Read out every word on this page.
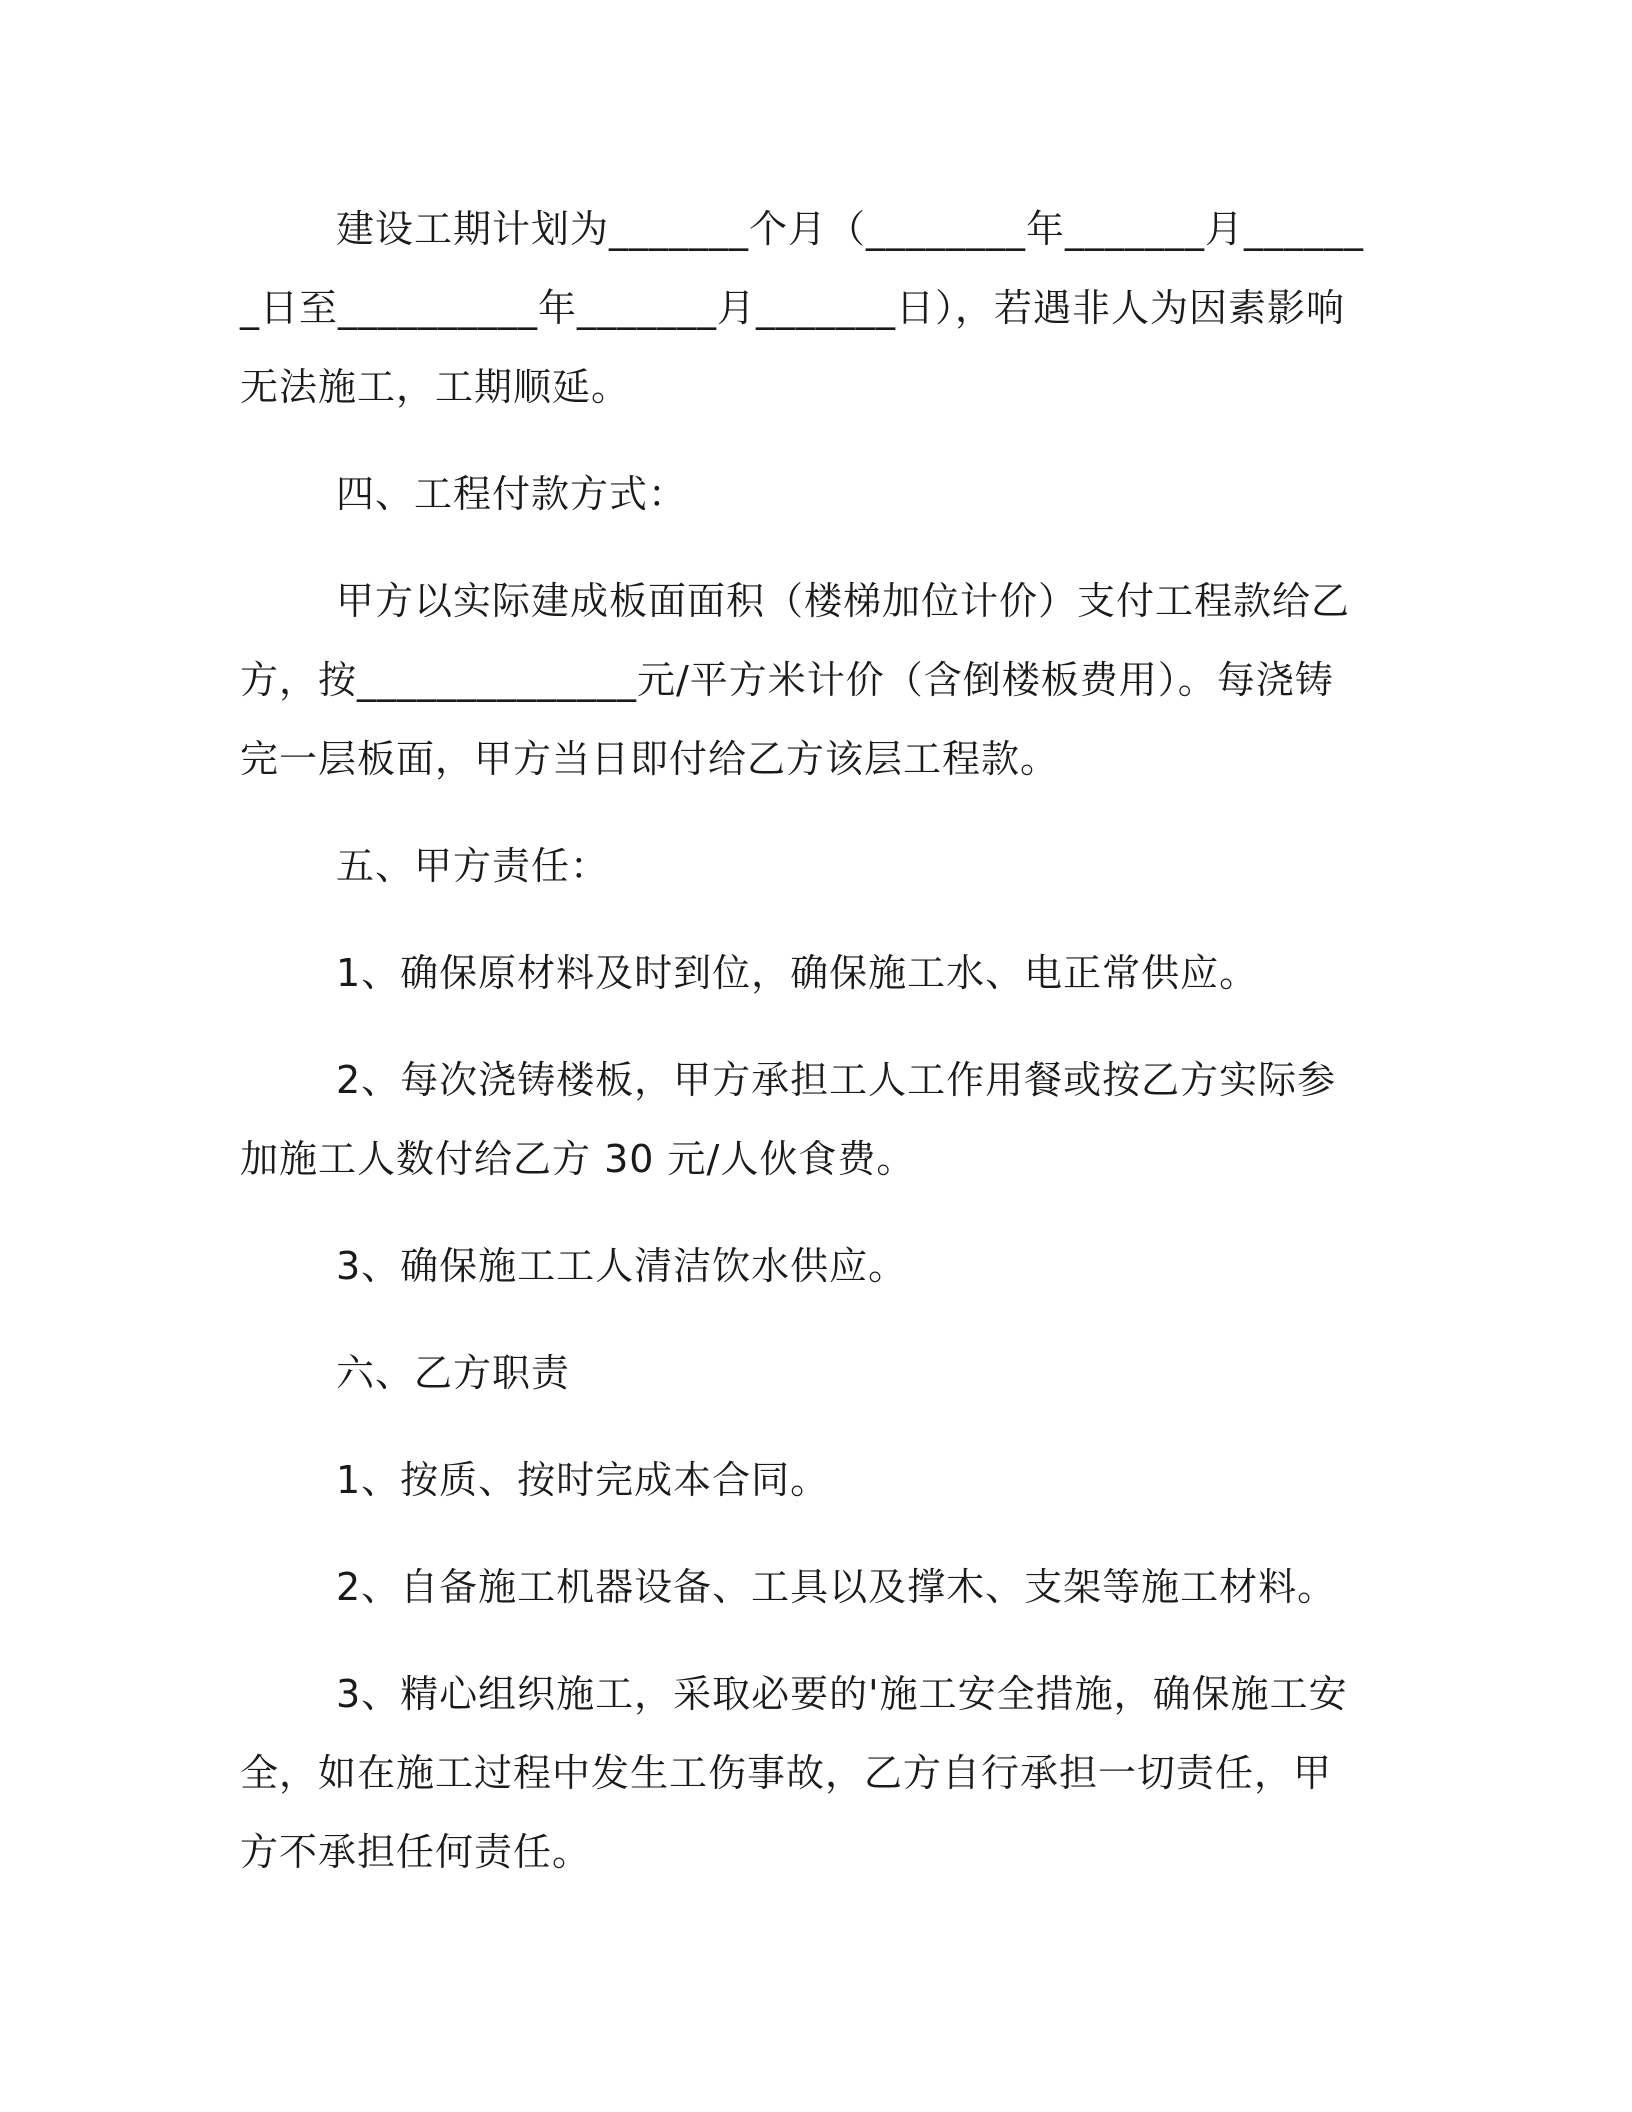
建设工期计划为_______个月（________年_______月_______日至__________年_______月_______日），若遇非人为因素影响无法施工，工期顺延。

四、工程付款方式：

甲方以实际建成板面面积（楼梯加位计价）支付工程款给乙方，按______________元/平方米计价（含倒楼板费用）。每浇铸完一层板面，甲方当日即付给乙方该层工程款。

五、甲方责任：

1、确保原材料及时到位，确保施工水、电正常供应。

2、每次浇铸楼板，甲方承担工人工作用餐或按乙方实际参加施工人数付给乙方 30 元/人伙食费。

3、确保施工工人清洁饮水供应。

六、乙方职责

1、按质、按时完成本合同。

2、自备施工机器设备、工具以及撑木、支架等施工材料。

3、精心组织施工，采取必要的'施工安全措施，确保施工安全，如在施工过程中发生工伤事故，乙方自行承担一切责任，甲方不承担任何责任。
